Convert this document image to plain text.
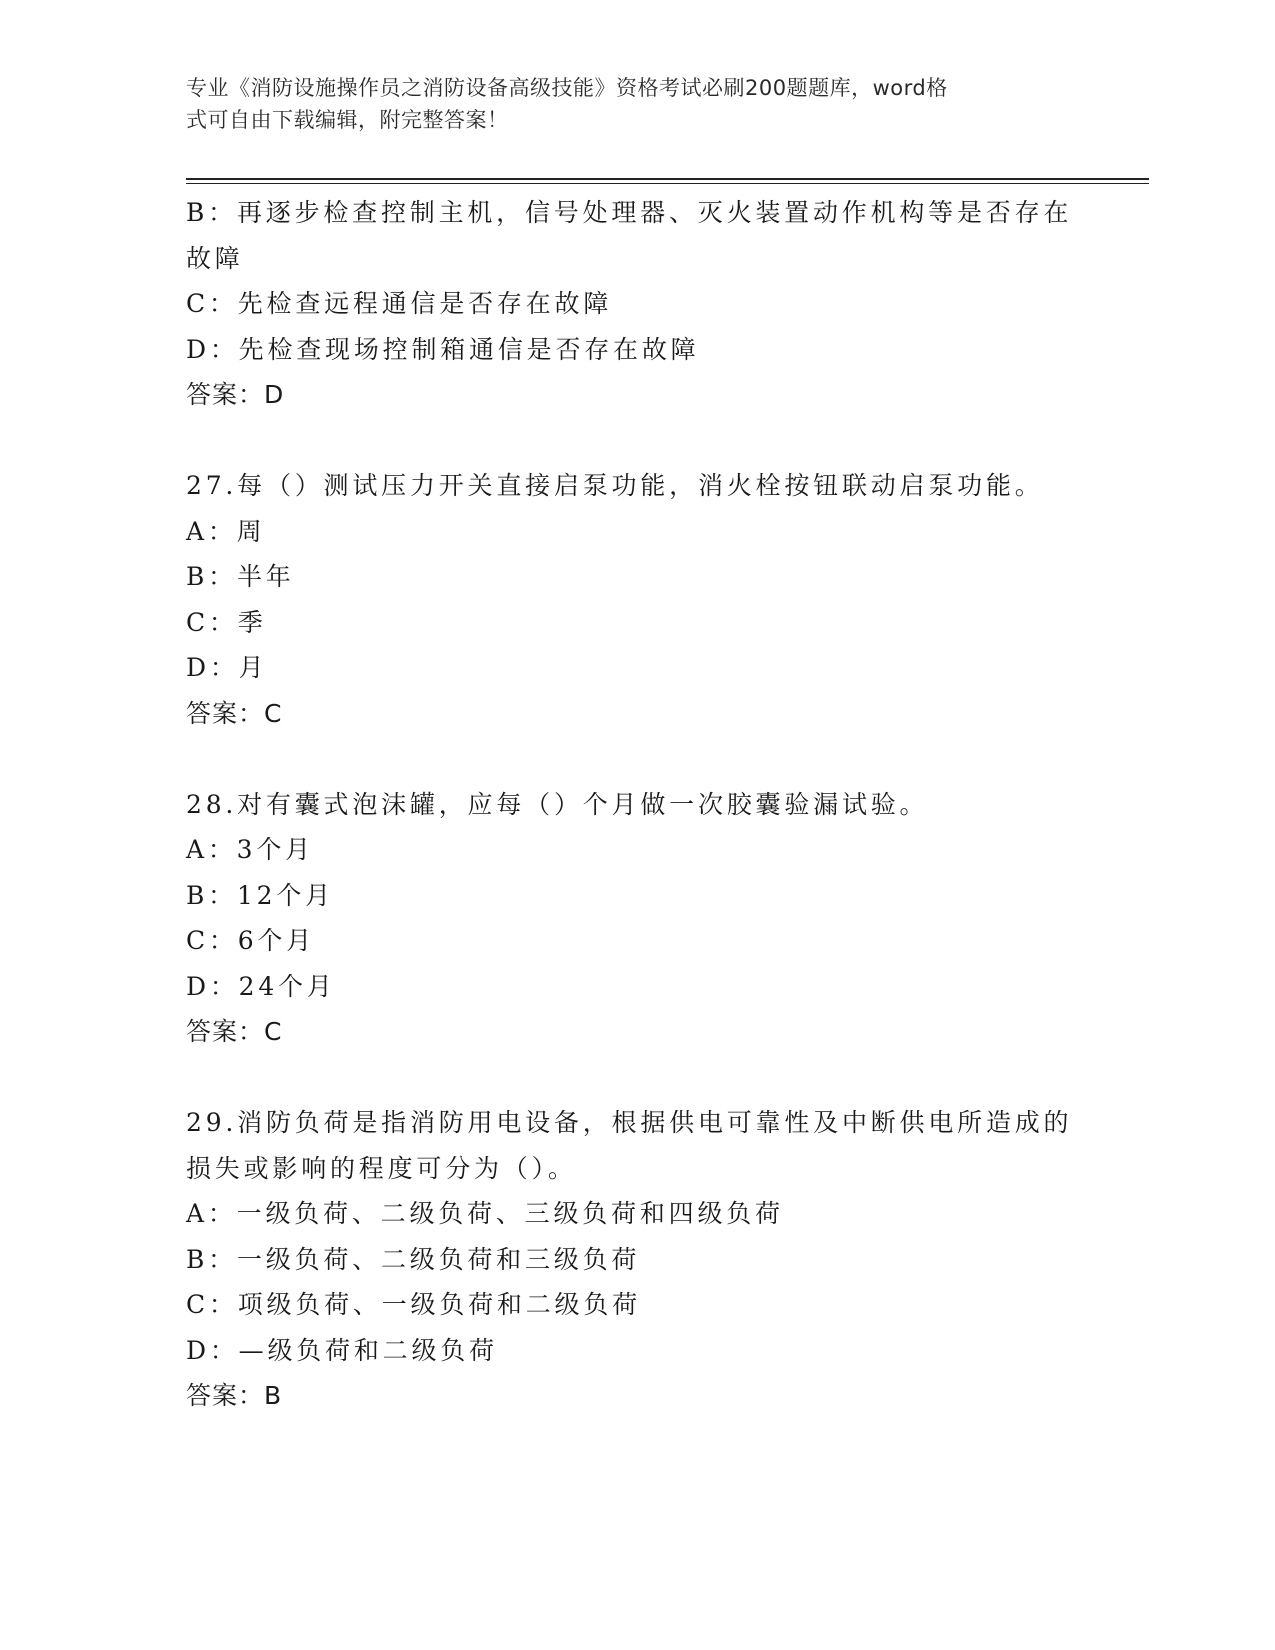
专业《消防设施操作员之消防设备高级技能》资格考试必刷200题题库，word格
式可自由下载编辑，附完整答案！
B：再逐步检查控制主机，信号处理器、灭火装置动作机构等是否存在
故障
C：先检查远程通信是否存在故障
D：先检查现场控制箱通信是否存在故障
答案：D
27.每（）测试压力开关直接启泵功能，消火栓按钮联动启泵功能。
A：周
B：半年
C：季
D：月
答案：C
28.对有囊式泡沫罐，应每（）个月做一次胶囊验漏试验。
A：3个月
B：12个月
C：6个月
D：24个月
答案：C
29.消防负荷是指消防用电设备，根据供电可靠性及中断供电所造成的
损失或影响的程度可分为（）。
A：一级负荷、二级负荷、三级负荷和四级负荷
B：一级负荷、二级负荷和三级负荷
C：项级负荷、一级负荷和二级负荷
D：—级负荷和二级负荷
答案：B
